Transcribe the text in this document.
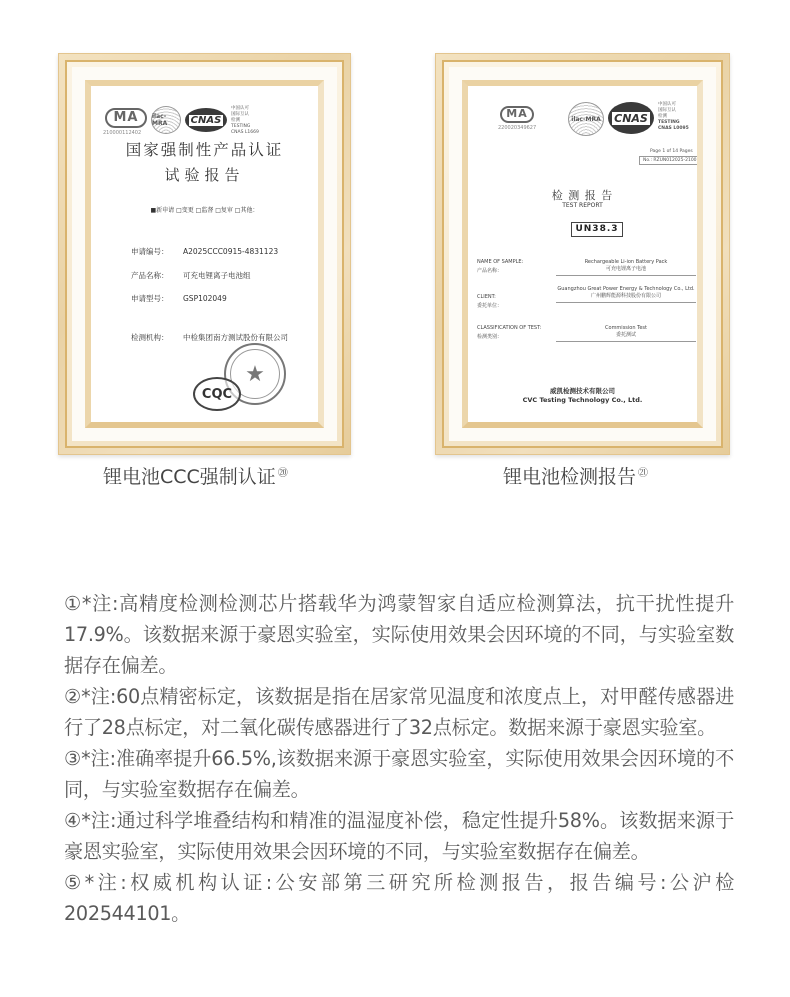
MA
210000112402
ilac-MRA	CNAS
中国认可
国际互认
检测
TESTING
CNAS L1669
国家强制性产品认证
试验报告
■新申请 □变更 □监督 □复审 □其他：
申请编号： A2025CCC0915-4831123
产品名称： 可充电锂离子电池组
申请型号： GSP102049
检测机构： 中检集团南方测试股份有限公司
★
CQC
MA
220020349627
ilac-MRA CNAS
中国认可
国际互认
检测
TESTING
CNAS L0095
Page 1 of 14 Pages
No.: RZUN012025-2100
检 测 报 告
TEST REPORT
UN38.3
NAME OF SAMPLE:
产品名称：
Rechargeable Li-ion Battery Pack
可充电锂离子电池
CLIENT:
委托单位：
Guangzhou Great Power Energy & Technology Co., Ltd.
广州鹏辉能源科技股份有限公司
CLASSIFICATION OF TEST:
检测类别：
Commission Test
委托测试
威凯检测技术有限公司
CVC Testing Technology Co., Ltd.
锂电池CCC强制认证 ⑳	锂电池检测报告 $^㉑$

①*注:高精度检测检测芯片搭载华为鸿蒙智家自适应检测算法，抗干扰性提升17.9%。该数据来源于豪恩实验室，实际使用效果会因环境的不同，与实验室数据存在偏差。

②*注:60点精密标定，该数据是指在居家常见温度和浓度点上，对甲醛传感器进行了28点标定，对二氧化碳传感器进行了32点标定。数据来源于豪恩实验室。

③*注:准确率提升66.5%,该数据来源于豪恩实验室，实际使用效果会因环境的不同，与实验室数据存在偏差。

④*注:通过科学堆叠结构和精准的温湿度补偿，稳定性提升58%。该数据来源于豪恩实验室，实际使用效果会因环境的不同，与实验室数据存在偏差。

⑤*注:权威机构认证:公安部第三研究所检测报告，报告编号:公沪检202544101。
